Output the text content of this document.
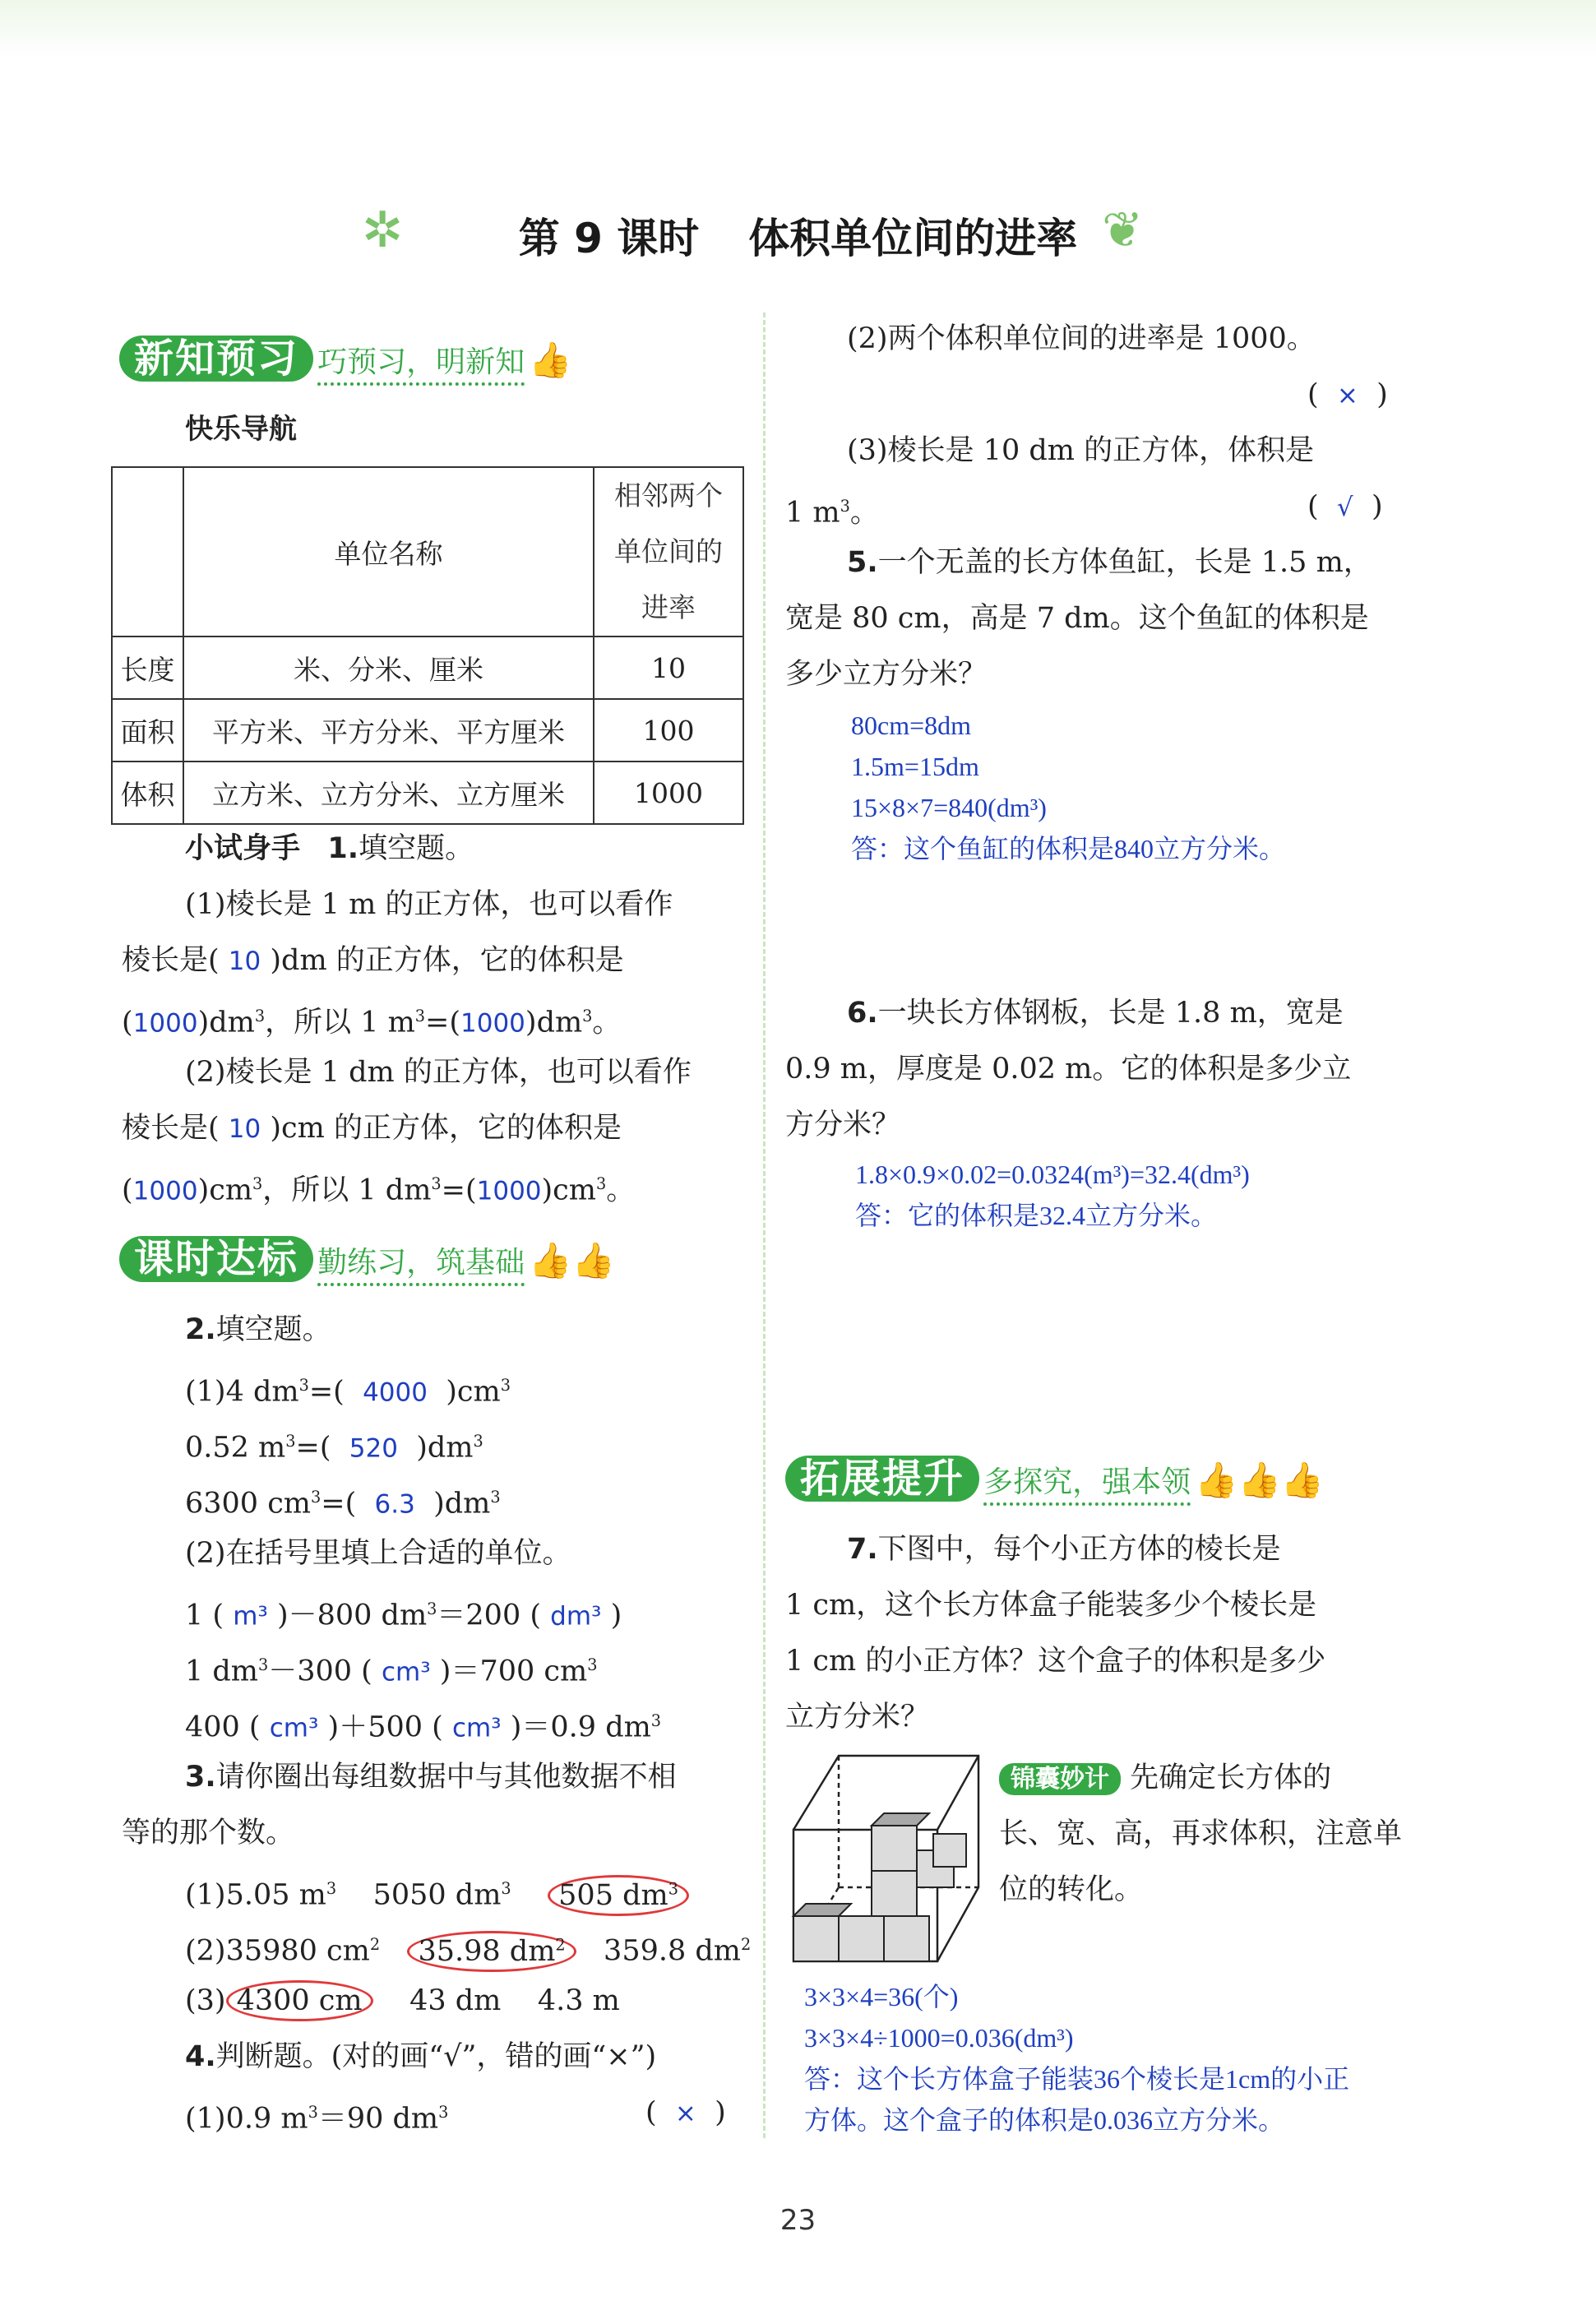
✲	第 9 课时 体积单位间的进率 ❦
新知预习 巧预习，明新知 👍
快乐导航
	单位名称	相邻两个
单位间的
进率

长度	米、分米、厘米	10
面积	平方米、平方分米、平方厘米	100
体积	立方米、立方分米、立方厘米	1000
小试身手 1.填空题。
(1)棱长是 1 m 的正方体，也可以看作
棱长是( 10 )dm 的正方体，它的体积是
$(1000)dm^3$，所以 1 $m^3=(1000)dm^3$。
(2)棱长是 1 dm 的正方体，也可以看作
棱长是( 10 )cm 的正方体，它的体积是
$(1000)cm^3$，所以 1 $dm^3=(1000)cm^3$。
课时达标 勤练习，筑基础 👍👍
2.填空题。
(1)4 $dm^3=$( 4000 )$cm^3$
0.52 $m^3=$( 520 )$dm^3$
6300 $cm^3=$( 6.3 )$dm^3$
(2)在括号里填上合适的单位。
1 ( m³ )－800 $dm^3=200$ ( dm³ )
1 $dm^3-300$ ( cm³ )＝700 $cm^3$
400 ( cm³ )＋500 ( cm³ )＝0.9 $dm^3$
3.请你圈出每组数据中与其他数据不相
等的那个数。
(1)5.05 $m^3$ 5050 $dm^3$ 505 $dm^3$
(2)35980 $cm^2$ 35.98 $dm^2$ 359.8 $dm^2$
(3) 4300 cm 43 dm 4.3 m
4.判断题。(对的画“√”，错的画“×”)
(1)0.9 $m^3=90$ $dm^3$	( × )
(2)两个体积单位间的进率是 1000。
( × )
(3)棱长是 10 dm 的正方体，体积是
1 $m^3$。	( √ )
5.一个无盖的长方体鱼缸，长是 1.5 m，
宽是 80 cm，高是 7 dm。这个鱼缸的体积是
多少立方分米？
80cm=8dm
1.5m=15dm
15×8×7=840(dm³)
答：这个鱼缸的体积是840立方分米。
6.一块长方体钢板，长是 1.8 m，宽是
0.9 m，厚度是 0.02 m。它的体积是多少立
方分米？
1.8×0.9×0.02=0.0324(m³)=32.4(dm³)
答：它的体积是32.4立方分米。
拓展提升 多探究，强本领 👍👍👍
7.下图中，每个小正方体的棱长是
1 cm，这个长方体盒子能装多少个棱长是
1 cm 的小正方体？这个盒子的体积是多少
立方分米？
锦囊妙计 先确定长方体的
长、宽、高，再求体积，注意单
位的转化。
3×3×4=36(个)
3×3×4÷1000=0.036(dm³)
答：这个长方体盒子能装36个棱长是1cm的小正
方体。这个盒子的体积是0.036立方分米。
23
